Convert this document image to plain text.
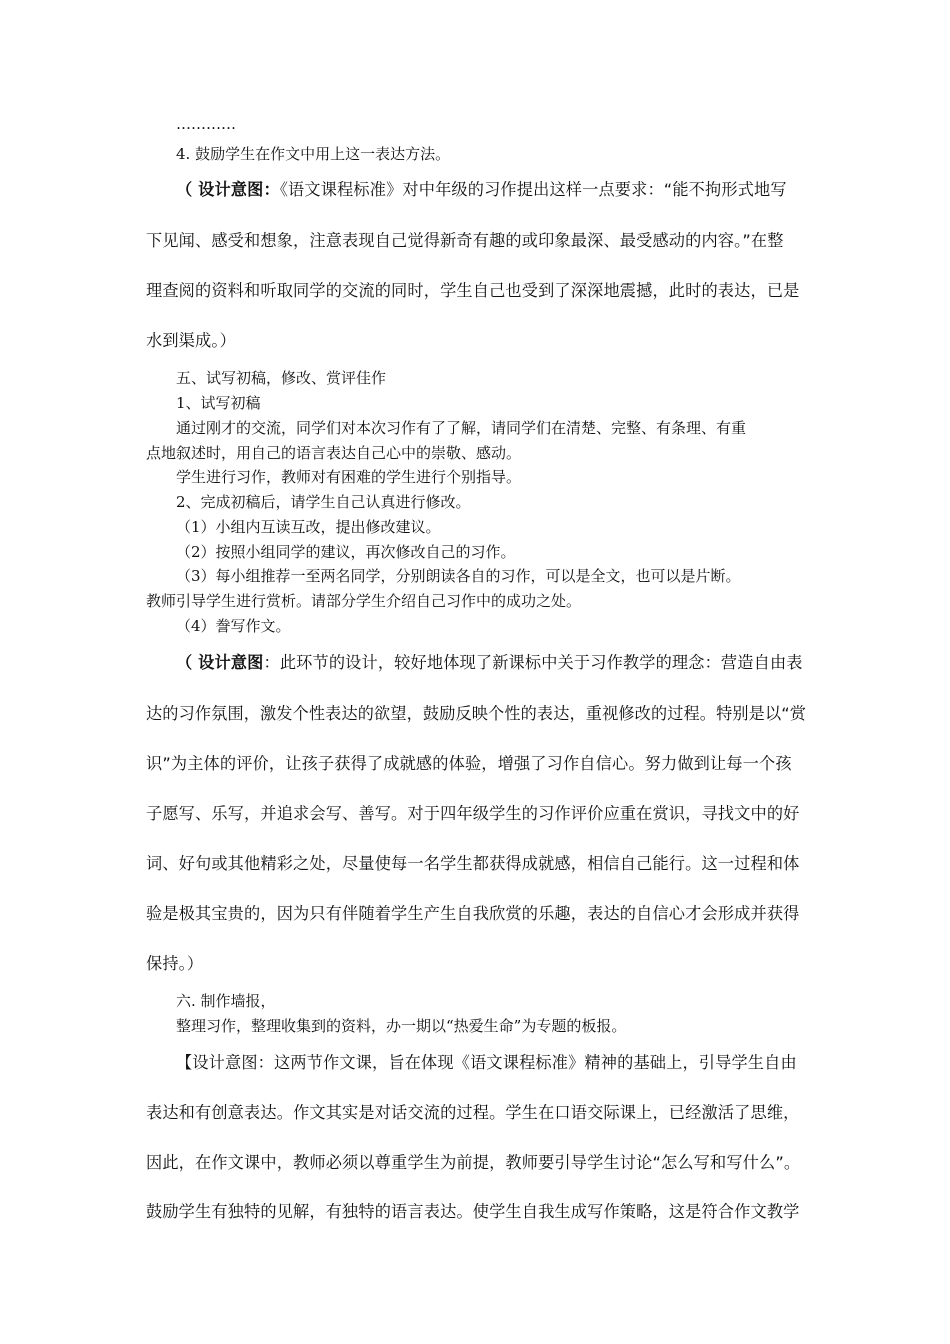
…………
4. 鼓励学生在作文中用上这一表达方法。
（ 设计意图：《语文课程标准》对中年级的习作提出这样一点要求：“能不拘形式地写
下见闻、感受和想象，注意表现自己觉得新奇有趣的或印象最深、最受感动的内容。”在整
理查阅的资料和听取同学的交流的同时，学生自己也受到了深深地震撼，此时的表达，已是
水到渠成。）
五、试写初稿，修改、赏评佳作
1、试写初稿
通过刚才的交流，同学们对本次习作有了了解，请同学们在清楚、完整、有条理、有重
点地叙述时，用自己的语言表达自己心中的崇敬、感动。
学生进行习作，教师对有困难的学生进行个别指导。
2、完成初稿后，请学生自己认真进行修改。
（1）小组内互读互改，提出修改建议。
（2）按照小组同学的建议，再次修改自己的习作。
（3）每小组推荐一至两名同学，分别朗读各自的习作，可以是全文，也可以是片断。
教师引导学生进行赏析。请部分学生介绍自己习作中的成功之处。
（4）誊写作文。
（ 设计意图：此环节的设计，较好地体现了新课标中关于习作教学的理念：营造自由表
达的习作氛围，激发个性表达的欲望，鼓励反映个性的表达，重视修改的过程。特别是以“赏
识”为主体的评价，让孩子获得了成就感的体验，增强了习作自信心。努力做到让每一个孩
子愿写、乐写，并追求会写、善写。对于四年级学生的习作评价应重在赏识，寻找文中的好
词、好句或其他精彩之处，尽量使每一名学生都获得成就感，相信自己能行。这一过程和体
验是极其宝贵的，因为只有伴随着学生产生自我欣赏的乐趣，表达的自信心才会形成并获得
保持。）
六. 制作墙报，
整理习作，整理收集到的资料，办一期以“热爱生命”为专题的板报。
【设计意图：这两节作文课，旨在体现《语文课程标准》精神的基础上，引导学生自由
表达和有创意表达。作文其实是对话交流的过程。学生在口语交际课上，已经激活了思维，
因此，在作文课中，教师必须以尊重学生为前提，教师要引导学生讨论“怎么写和写什么”。
鼓励学生有独特的见解，有独特的语言表达。使学生自我生成写作策略，这是符合作文教学
